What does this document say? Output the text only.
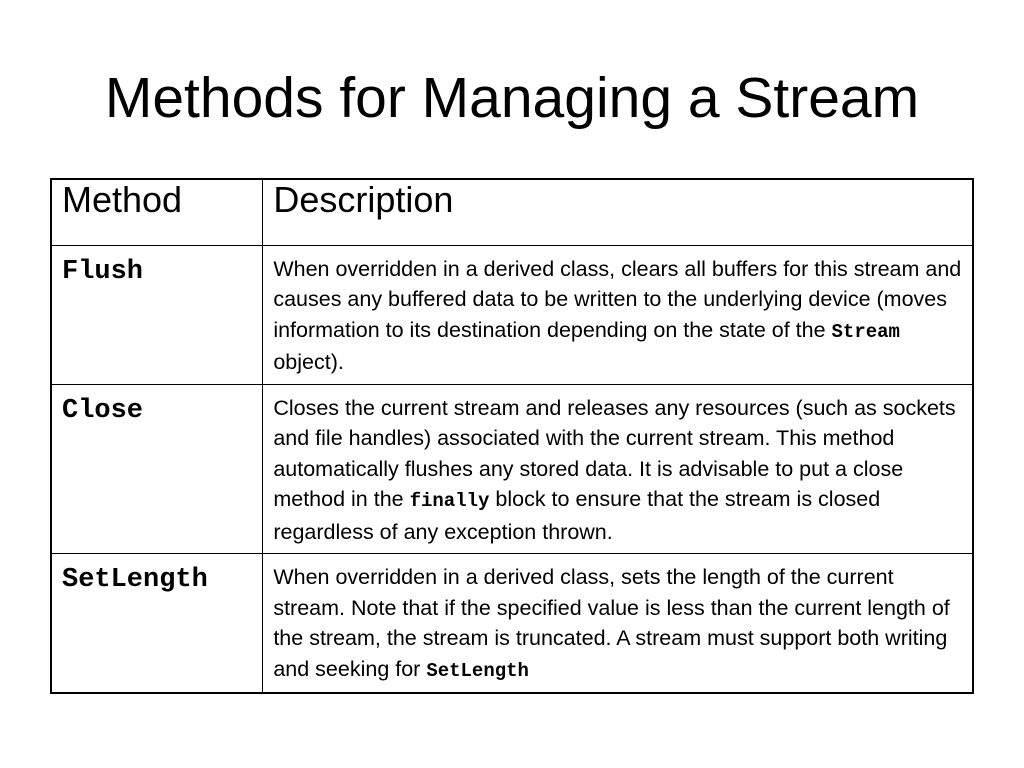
Methods for Managing a Stream
Method	Description
Flush	When overridden in a derived class, clears all buffers for this stream and causes any buffered data to be written to the underlying device (moves information to its destination depending on the state of the Stream object).
Close	Closes the current stream and releases any resources (such as sockets and file handles) associated with the current stream. This method automatically flushes any stored data. It is advisable to put a close method in the finally block to ensure that the stream is closed regardless of any exception thrown.
SetLength	When overridden in a derived class, sets the length of the current stream. Note that if the specified value is less than the current length of the stream, the stream is truncated. A stream must support both writing and seeking for SetLength
